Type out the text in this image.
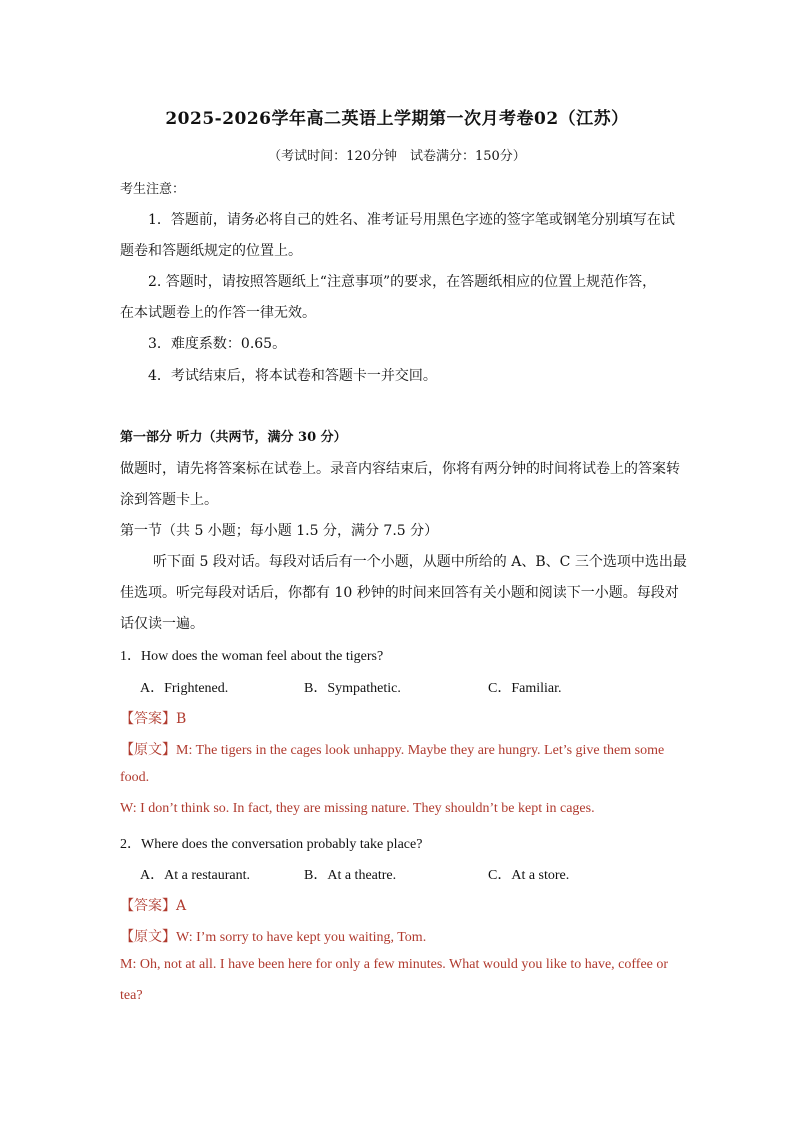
2025-2026学年高二英语上学期第一次月考卷02（江苏）
（考试时间：120分钟　试卷满分：150分）
考生注意：
1．答题前，请务必将自己的姓名、准考证号用黑色字迹的签字笔或钢笔分别填写在试
题卷和答题纸规定的位置上。
2. 答题时，请按照答题纸上“注意事项”的要求，在答题纸相应的位置上规范作答，
在本试题卷上的作答一律无效。
3．难度系数：0.65。
4．考试结束后，将本试卷和答题卡一并交回。
第一部分 听力（共两节，满分 30 分）
做题时，请先将答案标在试卷上。录音内容结束后，你将有两分钟的时间将试卷上的答案转
涂到答题卡上。
第一节（共 5 小题；每小题 1.5 分，满分 7.5 分）
听下面 5 段对话。每段对话后有一个小题，从题中所给的 A、B、C 三个选项中选出最
佳选项。听完每段对话后，你都有 10 秒钟的时间来回答有关小题和阅读下一小题。每段对
话仅读一遍。
1．How does the woman feel about the tigers?
A．Frightened.	B．Sympathetic.	C．Familiar.
【答案】B
【原文】M: The tigers in the cages look unhappy. Maybe they are hungry. Let’s give them some
food.
W: I don’t think so. In fact, they are missing nature. They shouldn’t be kept in cages.
2．Where does the conversation probably take place?
A．At a restaurant.	B．At a theatre.	C．At a store.
【答案】A
【原文】W: I’m sorry to have kept you waiting, Tom.
M: Oh, not at all. I have been here for only a few minutes. What would you like to have, coffee or
tea?
